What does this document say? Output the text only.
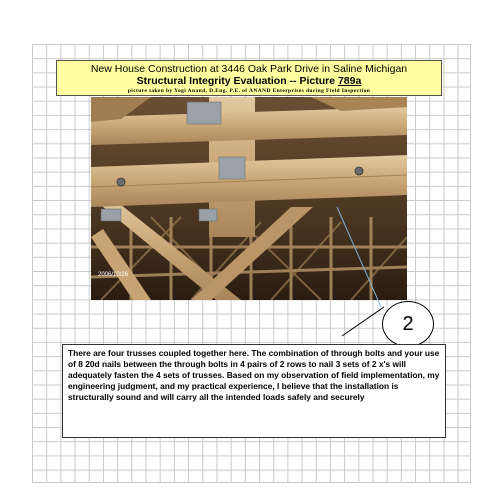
New House Construction at 3446 Oak Park Drive in Saline Michigan
Structural Integrity Evaluation -- Picture 789a
picture taken by Yogi Anand, D.Eng. P.E. of ANAND Enterprises during Field Inspection
2006/10/26
2
There are four trusses coupled together here. The combination of through bolts and your use of 8 20d nails between the through bolts in 4 pairs of 2 rows to nail 3 sets of 2 x's will adequately fasten the 4 sets of trusses. Based on my observation of field implementation, my engineering judgment, and my practical experience, I believe that the installation is structurally sound and will carry all the intended loads safely and securely
